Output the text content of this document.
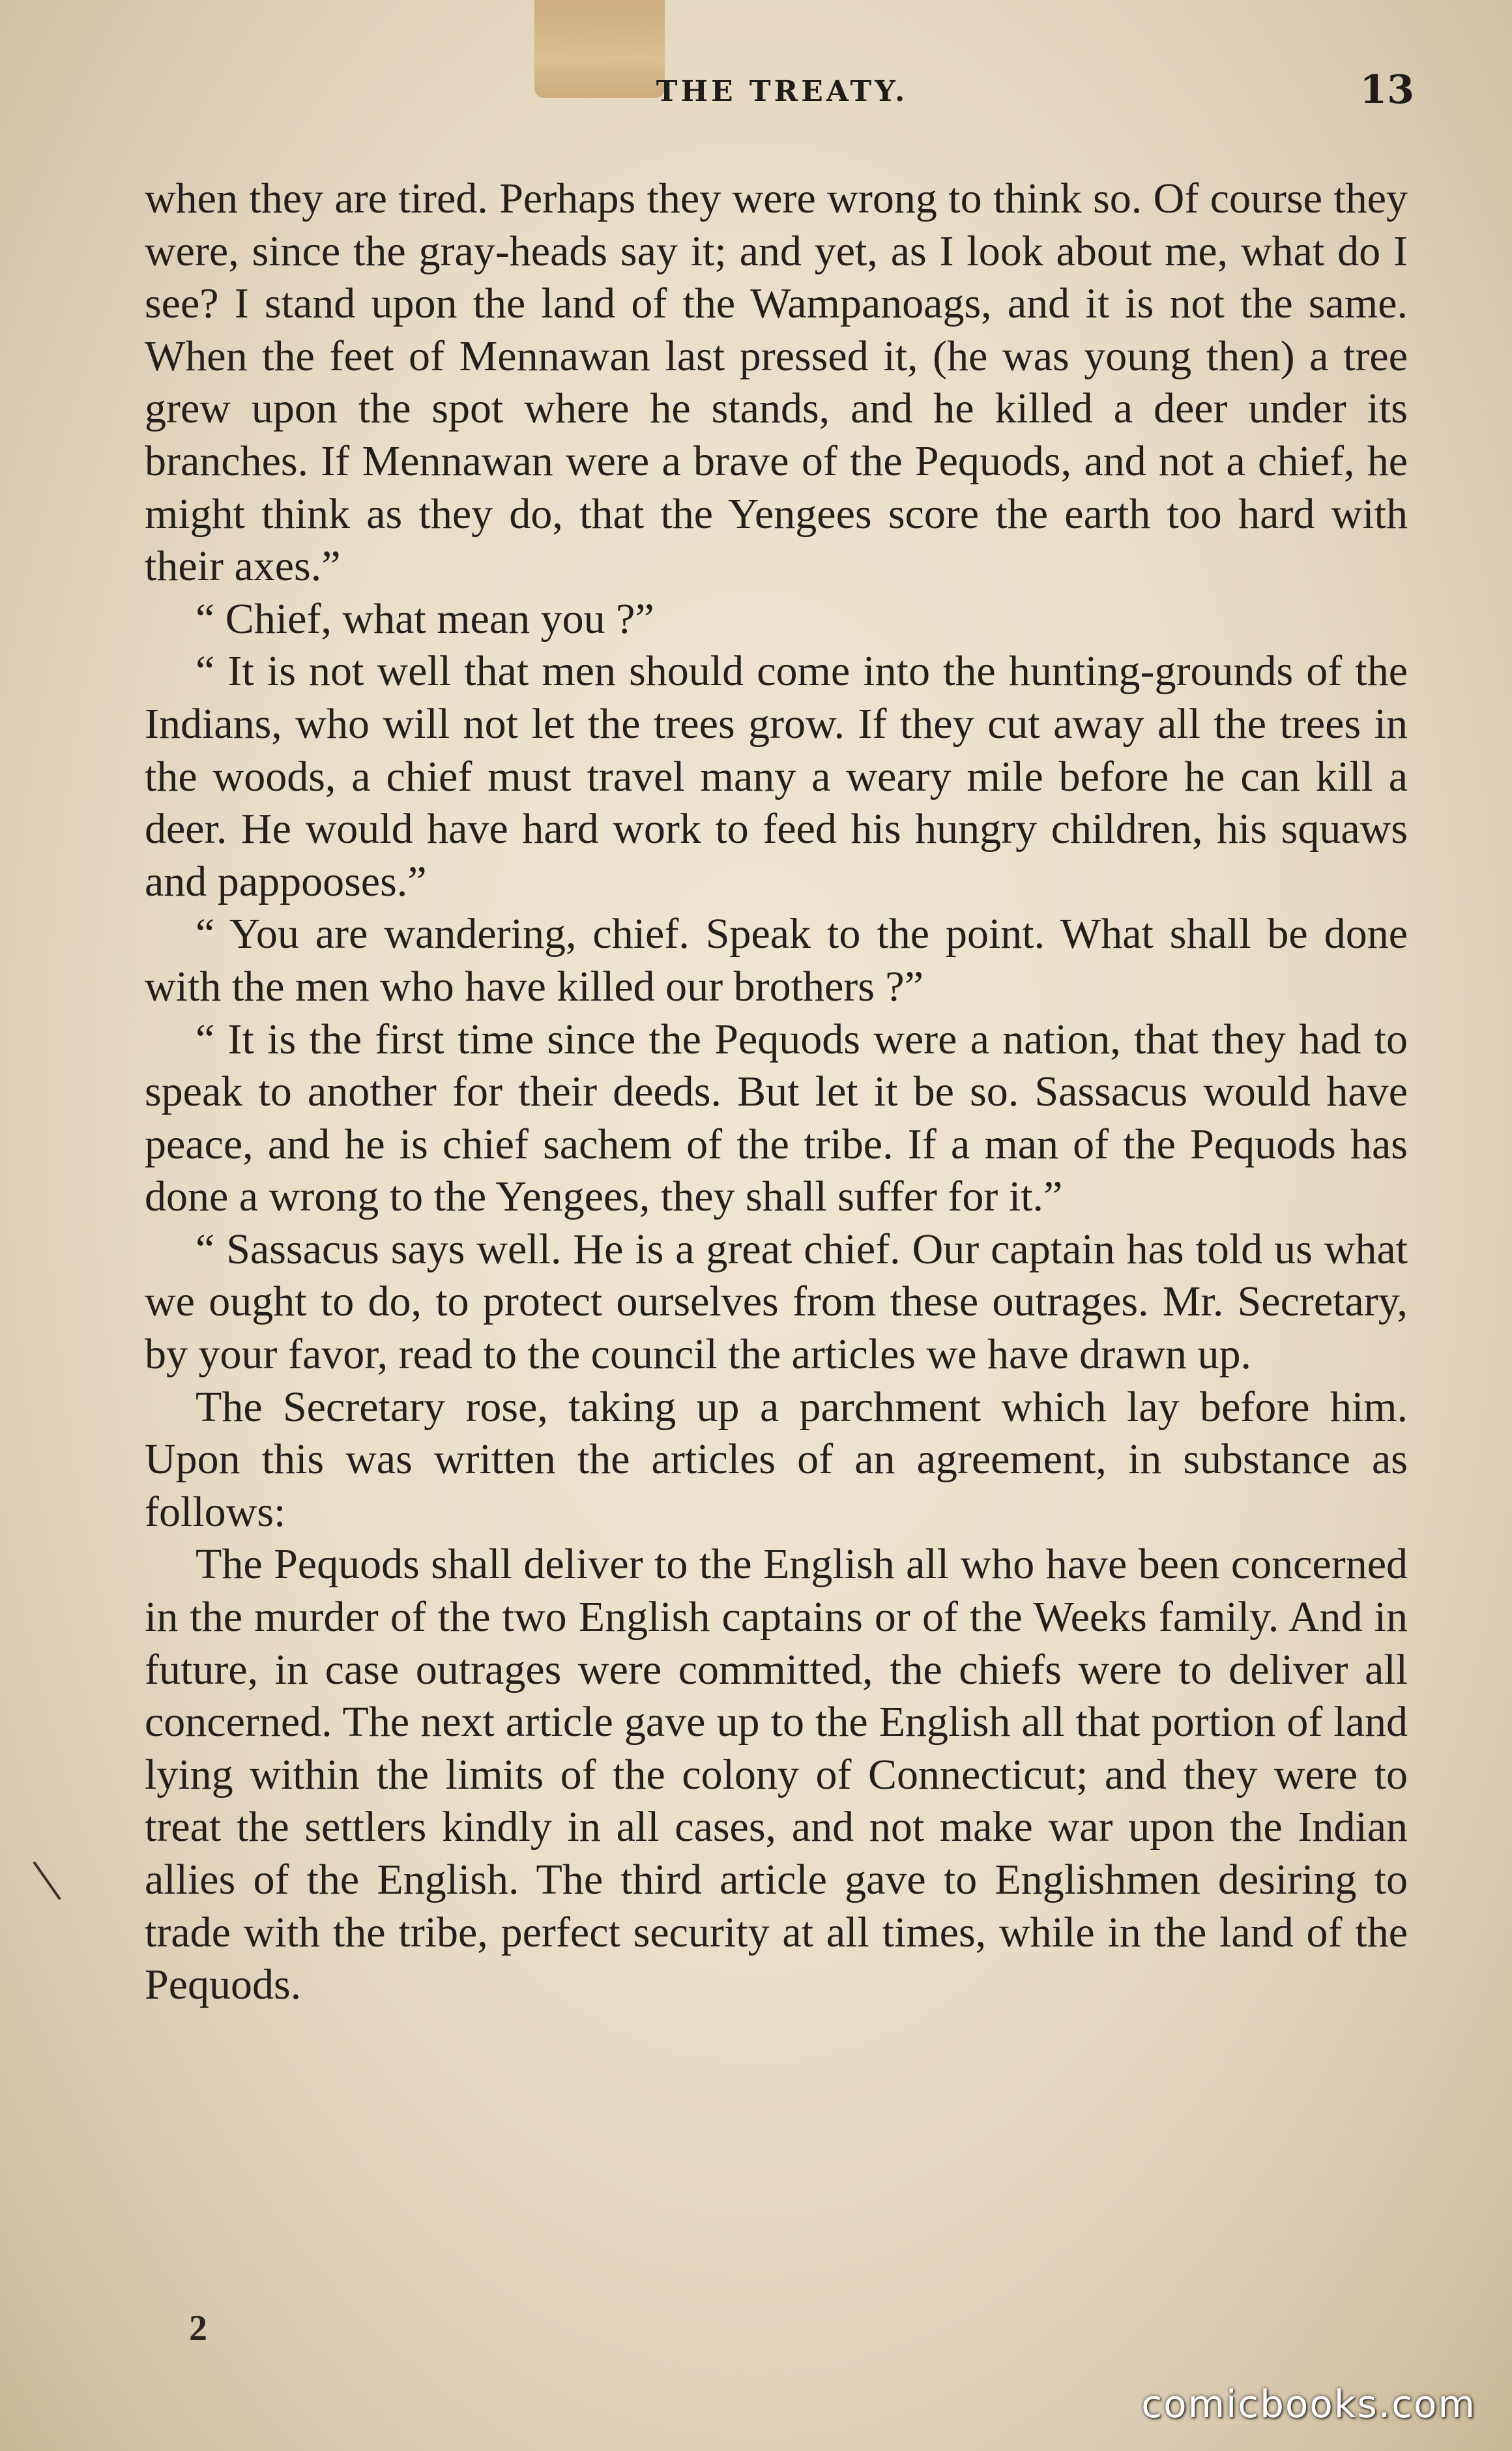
THE TREATY.	13

when they are tired. Perhaps they were wrong to think so. Of course they were, since the gray-heads say it; and yet, as I look about me, what do I see? I stand upon the land of the Wampanoags, and it is not the same. When the feet of Mennawan last pressed it, (he was young then) a tree grew upon the spot where he stands, and he killed a deer under its branches. If Mennawan were a brave of the Pequods, and not a chief, he might think as they do, that the Yengees score the earth too hard with their axes.”

“ Chief, what mean you ?”

“ It is not well that men should come into the hunting-grounds of the Indians, who will not let the trees grow. If they cut away all the trees in the woods, a chief must travel many a weary mile before he can kill a deer. He would have hard work to feed his hungry children, his squaws and pappooses.”

“ You are wandering, chief. Speak to the point. What shall be done with the men who have killed our brothers ?”

“ It is the first time since the Pequods were a nation, that they had to speak to another for their deeds. But let it be so. Sassacus would have peace, and he is chief sachem of the tribe. If a man of the Pequods has done a wrong to the Yengees, they shall suffer for it.”

“ Sassacus says well. He is a great chief. Our captain has told us what we ought to do, to protect ourselves from these outrages. Mr. Secretary, by your favor, read to the council the articles we have drawn up.

The Secretary rose, taking up a parchment which lay before him. Upon this was written the articles of an agreement, in substance as follows:

The Pequods shall deliver to the English all who have been concerned in the murder of the two English captains or of the Weeks family. And in future, in case outrages were committed, the chiefs were to deliver all concerned. The next article gave up to the English all that portion of land lying within the limits of the colony of Connecticut; and they were to treat the settlers kindly in all cases, and not make war upon the Indian allies of the English. The third article gave to Englishmen desiring to trade with the tribe, perfect security at all times, while in the land of the Pequods.

2
comicbooks.com
